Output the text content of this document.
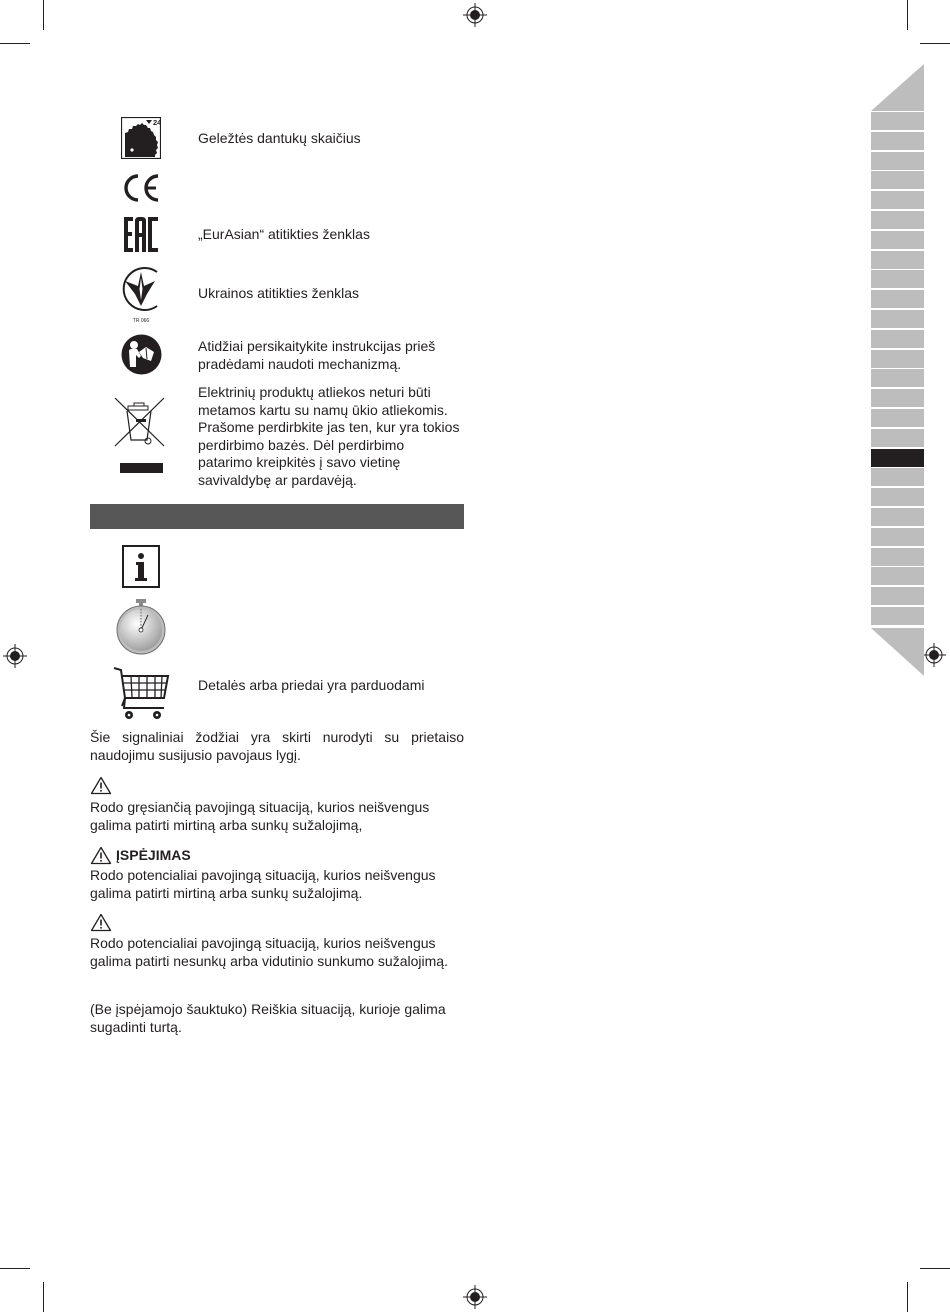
24
Geležtės dantukų skaičius
„EurAsian“ atitikties ženklas
TR 066
Ukrainos atitikties ženklas
Atidžiai persikaitykite instrukcijas prieš pradėdami naudoti mechanizmą.
Elektrinių produktų atliekos neturi būti metamos kartu su namų ūkio atliekomis. Prašome perdirbkite jas ten, kur yra tokios perdirbimo bazės. Dėl perdirbimo patarimo kreipkitės į savo vietinę savivaldybę ar pardavėją.
Detalės arba priedai yra parduodami
Šie signaliniai žodžiai yra skirti nurodyti su prietaiso naudojimu susijusio pavojaus lygį.
Rodo gręsiančią pavojingą situaciją, kurios neišvengus galima patirti mirtiną arba sunkų sužalojimą,
ĮSPĖJIMAS
Rodo potencialiai pavojingą situaciją, kurios neišvengus galima patirti mirtiną arba sunkų sužalojimą.
Rodo potencialiai pavojingą situaciją, kurios neišvengus galima patirti nesunkų arba vidutinio sunkumo sužalojimą.
(Be įspėjamojo šauktuko) Reiškia situaciją, kurioje galima sugadinti turtą.
